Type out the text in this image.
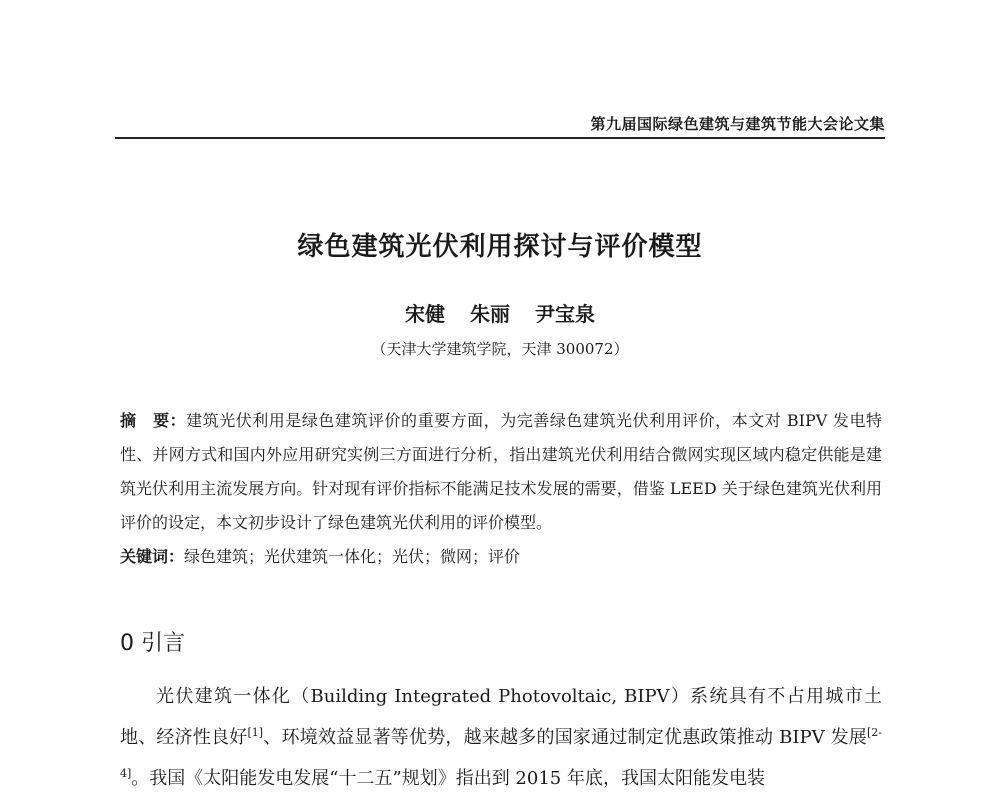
第九届国际绿色建筑与建筑节能大会论文集
绿色建筑光伏利用探讨与评价模型
宋健 朱丽 尹宝泉
（天津大学建筑学院，天津 300072）
摘　要：建筑光伏利用是绿色建筑评价的重要方面，为完善绿色建筑光伏利用评价，本文对 BIPV 发电特性、并网方式和国内外应用研究实例三方面进行分析，指出建筑光伏利用结合微网实现区域内稳定供能是建筑光伏利用主流发展方向。针对现有评价指标不能满足技术发展的需要，借鉴 LEED 关于绿色建筑光伏利用评价的设定，本文初步设计了绿色建筑光伏利用的评价模型。
关键词：绿色建筑；光伏建筑一体化；光伏；微网；评价
0 引言
光伏建筑一体化（Building Integrated Photovoltaic, BIPV）系统具有不占用城市土地、经济性良好[1]、环境效益显著等优势，越来越多的国家通过制定优惠政策推动 BIPV 发展[2-4]。我国《太阳能发电发展“十二五”规划》指出到 2015 年底，我国太阳能发电装
